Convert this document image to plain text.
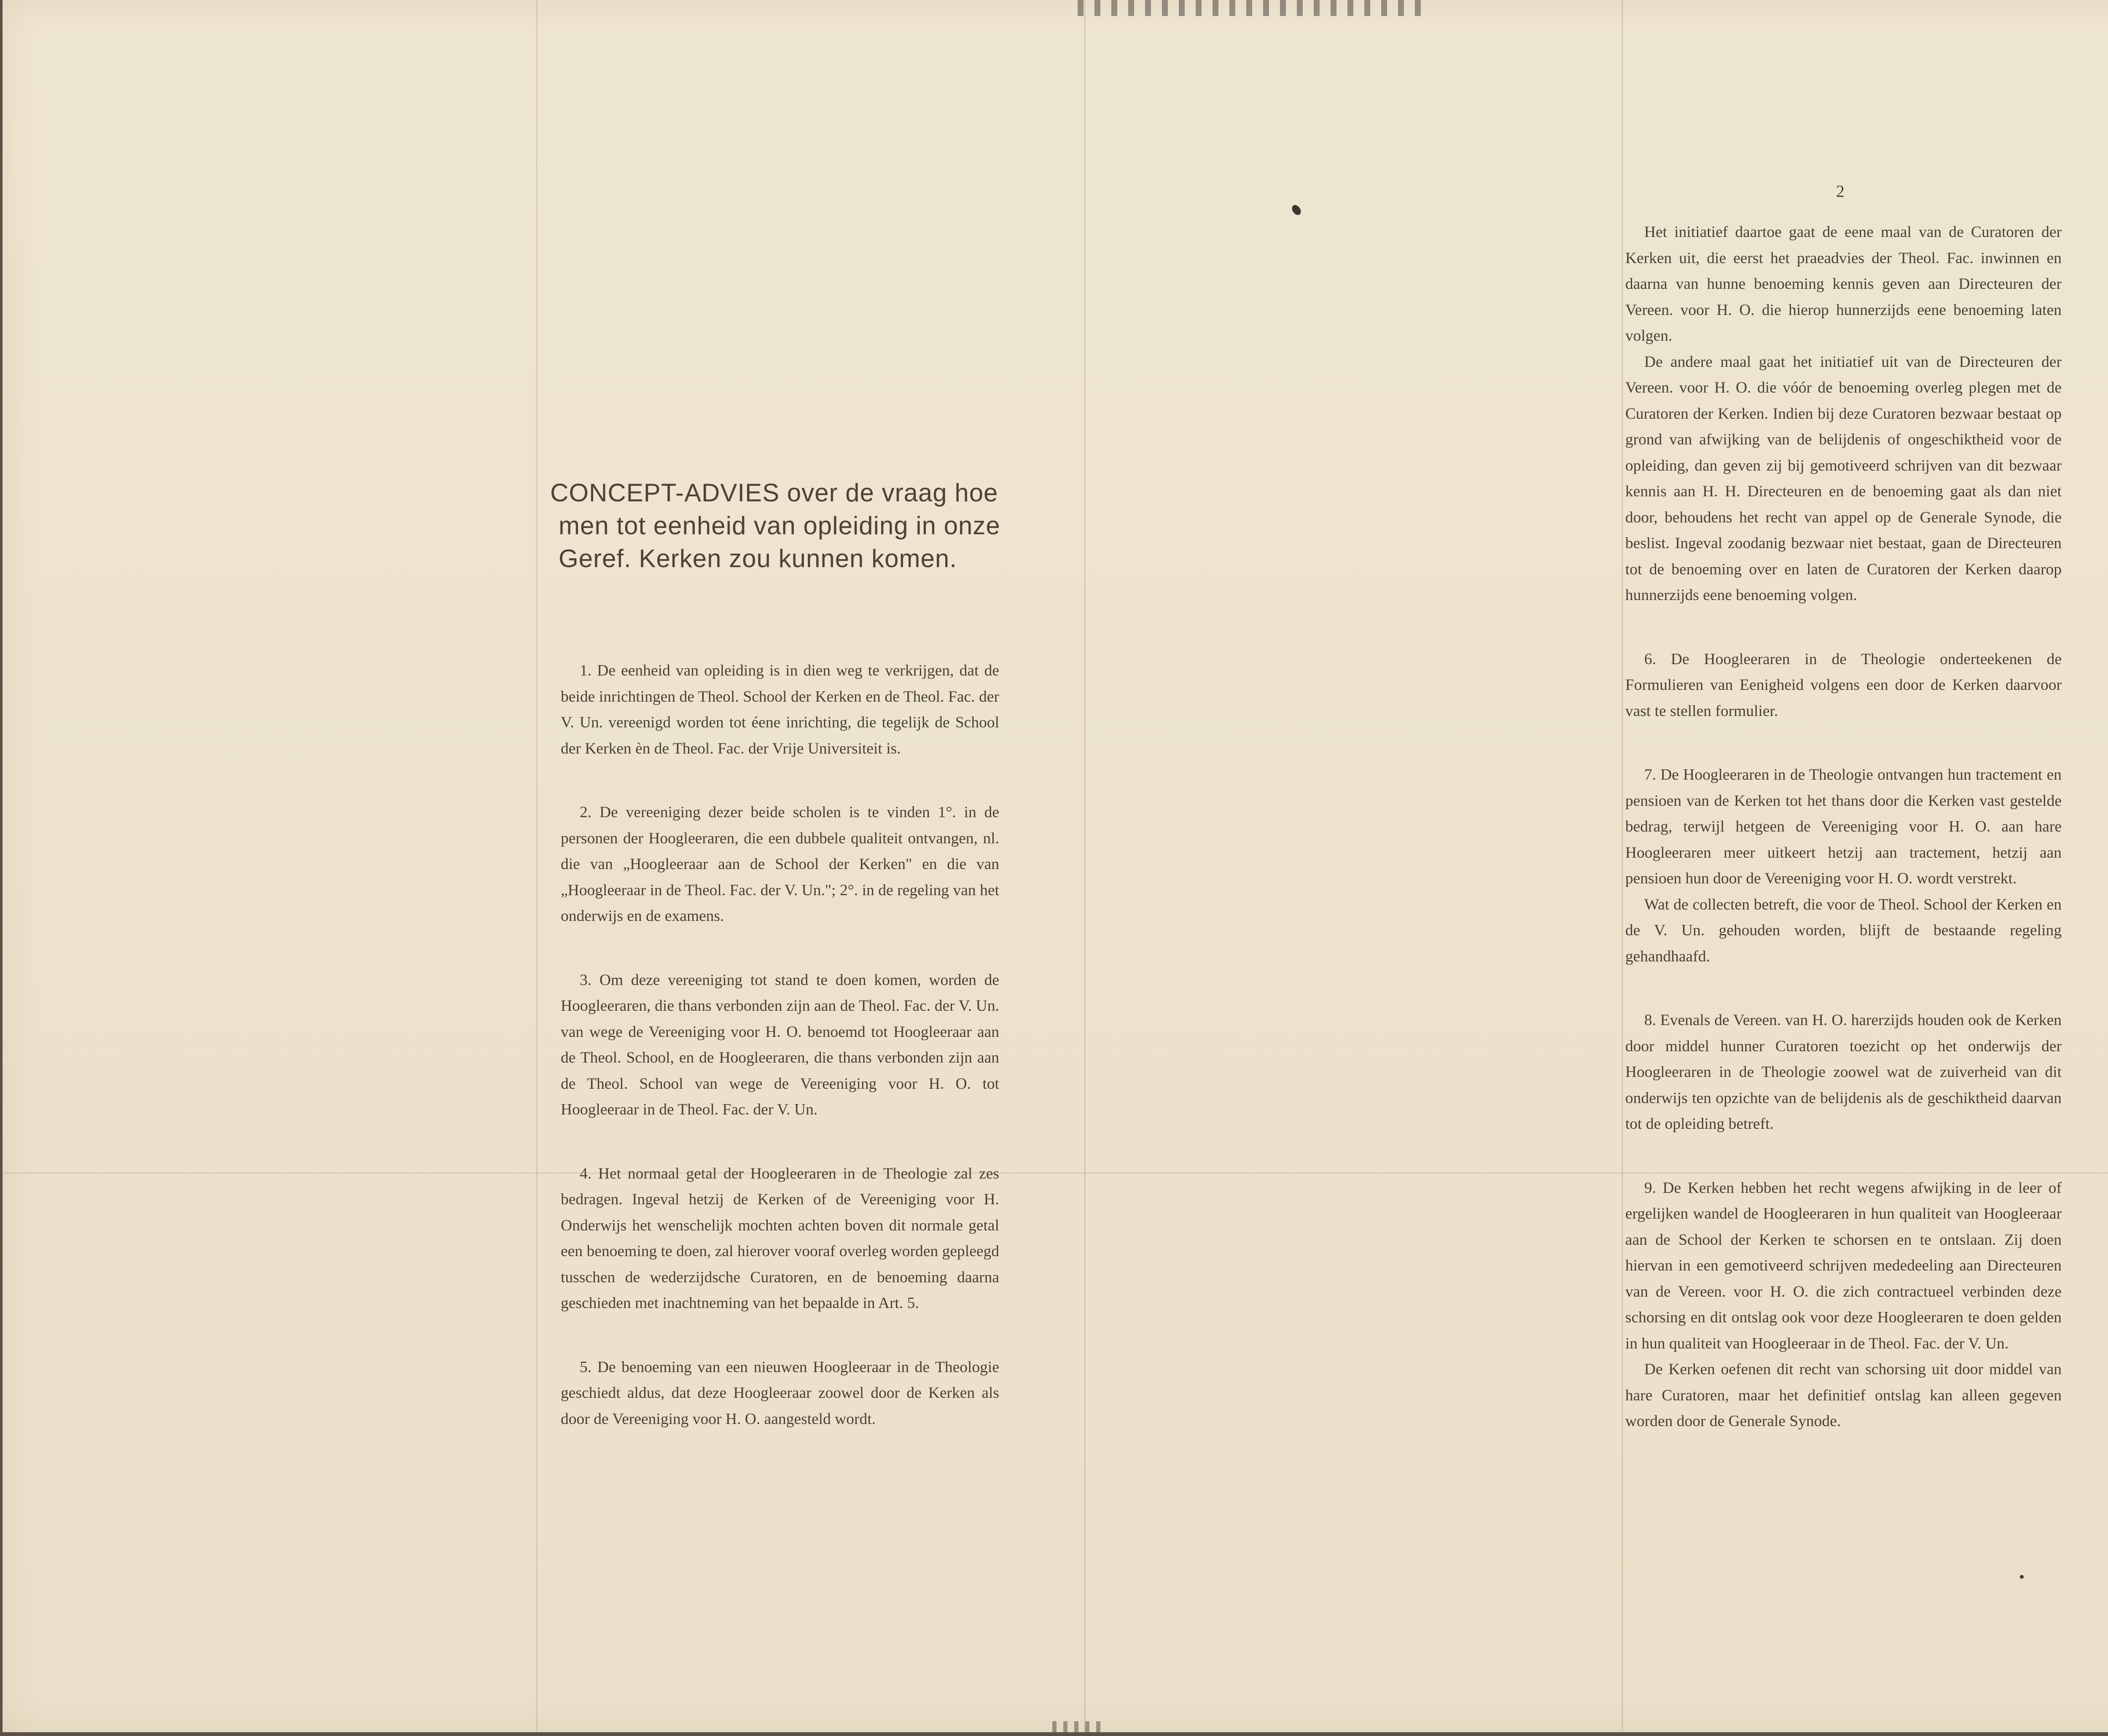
CONCEPT-ADVIES over de vraag hoe
men tot eenheid van opleiding in onze
Geref. Kerken zou kunnen komen.

1. De eenheid van opleiding is in dien weg te verkrijgen, dat de beide inrichtingen de Theol. School der Kerken en de Theol. Fac. der V. Un. vereenigd worden tot éene inrichting, die tegelijk de School der Kerken èn de Theol. Fac. der Vrije Universiteit is.

2. De vereeniging dezer beide scholen is te vinden 1°. in de personen der Hoogleeraren, die een dubbele qualiteit ontvangen, nl. die van „Hoogleeraar aan de School der Kerken" en die van „Hoogleeraar in de Theol. Fac. der V. Un."; 2°. in de regeling van het onderwijs en de examens.

3. Om deze vereeniging tot stand te doen komen, worden de Hoogleeraren, die thans verbonden zijn aan de Theol. Fac. der V. Un. van wege de Vereeniging voor H. O. benoemd tot Hoogleeraar aan de Theol. School, en de Hoogleeraren, die thans verbonden zijn aan de Theol. School van wege de Vereeniging voor H. O. tot Hoogleeraar in de Theol. Fac. der V. Un.

4. Het normaal getal der Hoogleeraren in de Theologie zal zes bedragen. Ingeval hetzij de Kerken of de Vereeniging voor H. Onderwijs het wenschelijk mochten achten boven dit normale getal een benoeming te doen, zal hierover vooraf overleg worden gepleegd tusschen de wederzijdsche Curatoren, en de benoeming daarna geschieden met inachtneming van het bepaalde in Art. 5.

5. De benoeming van een nieuwen Hoogleeraar in de Theologie geschiedt aldus, dat deze Hoogleeraar zoowel door de Kerken als door de Vereeniging voor H. O. aangesteld wordt.

2

Het initiatief daartoe gaat de eene maal van de Curatoren der Kerken uit, die eerst het praeadvies der Theol. Fac. inwinnen en daarna van hunne benoeming kennis geven aan Directeuren der Vereen. voor H. O. die hierop hunnerzijds eene benoeming laten volgen.

De andere maal gaat het initiatief uit van de Directeuren der Vereen. voor H. O. die vóór de benoeming overleg plegen met de Curatoren der Kerken. Indien bij deze Curatoren bezwaar bestaat op grond van afwijking van de belijdenis of ongeschiktheid voor de opleiding, dan geven zij bij gemotiveerd schrijven van dit bezwaar kennis aan H. H. Directeuren en de benoeming gaat als dan niet door, behoudens het recht van appel op de Generale Synode, die beslist. Ingeval zoodanig bezwaar niet bestaat, gaan de Directeuren tot de benoeming over en laten de Curatoren der Kerken daarop hunnerzijds eene benoeming volgen.

6. De Hoogleeraren in de Theologie onderteekenen de Formulieren van Eenigheid volgens een door de Kerken daarvoor vast te stellen formulier.

7. De Hoogleeraren in de Theologie ontvangen hun tractement en pensioen van de Kerken tot het thans door die Kerken vast gestelde bedrag, terwijl hetgeen de Vereeniging voor H. O. aan hare Hoogleeraren meer uitkeert hetzij aan tractement, hetzij aan pensioen hun door de Vereeniging voor H. O. wordt verstrekt.

Wat de collecten betreft, die voor de Theol. School der Kerken en de V. Un. gehouden worden, blijft de bestaande regeling gehandhaafd.

8. Evenals de Vereen. van H. O. harerzijds houden ook de Kerken door middel hunner Curatoren toezicht op het onderwijs der Hoogleeraren in de Theologie zoowel wat de zuiverheid van dit onderwijs ten opzichte van de belijdenis als de geschiktheid daarvan tot de opleiding betreft.

9. De Kerken hebben het recht wegens afwijking in de leer of ergelijken wandel de Hoogleeraren in hun qualiteit van Hoogleeraar aan de School der Kerken te schorsen en te ontslaan. Zij doen hiervan in een gemotiveerd schrijven mededeeling aan Directeuren van de Vereen. voor H. O. die zich contractueel verbinden deze schorsing en dit ontslag ook voor deze Hoogleeraren te doen gelden in hun qualiteit van Hoogleeraar in de Theol. Fac. der V. Un.

De Kerken oefenen dit recht van schorsing uit door middel van hare Curatoren, maar het definitief ontslag kan alleen gegeven worden door de Generale Synode.
